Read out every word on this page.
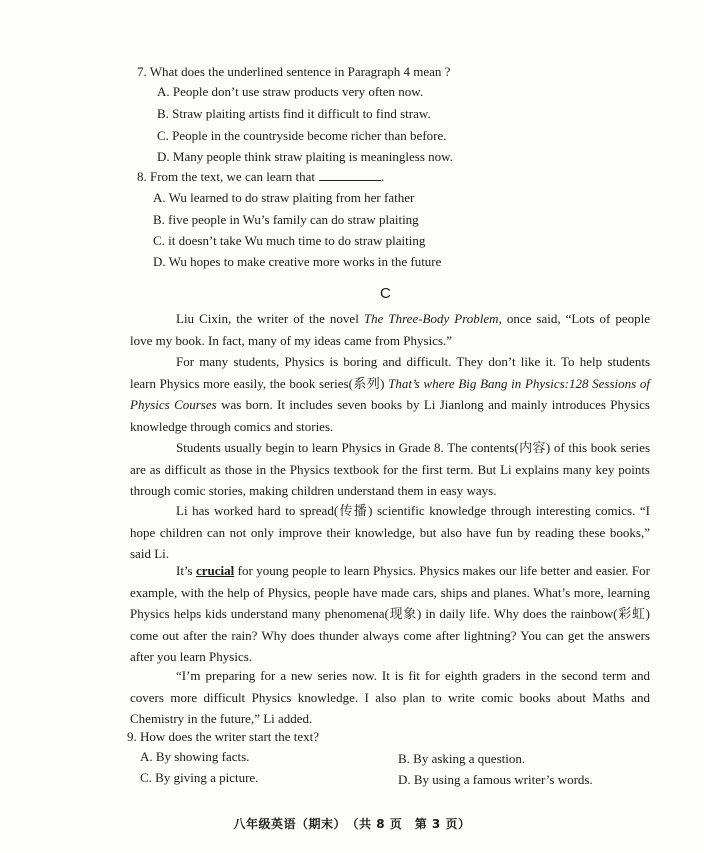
7. What does the underlined sentence in Paragraph 4 mean ?
A. People don’t use straw products very often now.
B. Straw plaiting artists find it difficult to find straw.
C. People in the countryside become richer than before.
D. Many people think straw plaiting is meaningless now.
8. From the text, we can learn that	.
A. Wu learned to do straw plaiting from her father
B. five people in Wu’s family can do straw plaiting
C. it doesn’t take Wu much time to do straw plaiting
D. Wu hopes to make creative more works in the future
C
Liu Cixin, the writer of the novel The Three-Body Problem, once said, “Lots of people love my book. In fact, many of my ideas came from Physics.”
For many students, Physics is boring and difficult. They don’t like it. To help students learn Physics more easily, the book series(系列) That’s where Big Bang in Physics:128 Sessions of Physics Courses was born. It includes seven books by Li Jianlong and mainly introduces Physics knowledge through comics and stories.
Students usually begin to learn Physics in Grade 8. The contents(内容) of this book series are as difficult as those in the Physics textbook for the first term. But Li explains many key points through comic stories, making children understand them in easy ways.
Li has worked hard to spread(传播) scientific knowledge through interesting comics. “I hope children can not only improve their knowledge, but also have fun by reading these books,” said Li.
It’s crucial for young people to learn Physics. Physics makes our life better and easier. For example, with the help of Physics, people have made cars, ships and planes. What’s more, learning Physics helps kids understand many phenomena(现象) in daily life. Why does the rainbow(彩虹) come out after the rain? Why does thunder always come after lightning? You can get the answers after you learn Physics.
“I’m preparing for a new series now. It is fit for eighth graders in the second term and covers more difficult Physics knowledge. I also plan to write comic books about Maths and Chemistry in the future,” Li added.
9. How does the writer start the text?
A. By showing facts.	B. By asking a question.
C. By giving a picture.	D. By using a famous writer’s words.
八年级英语（期末）　（共 8 页　第 3 页）
